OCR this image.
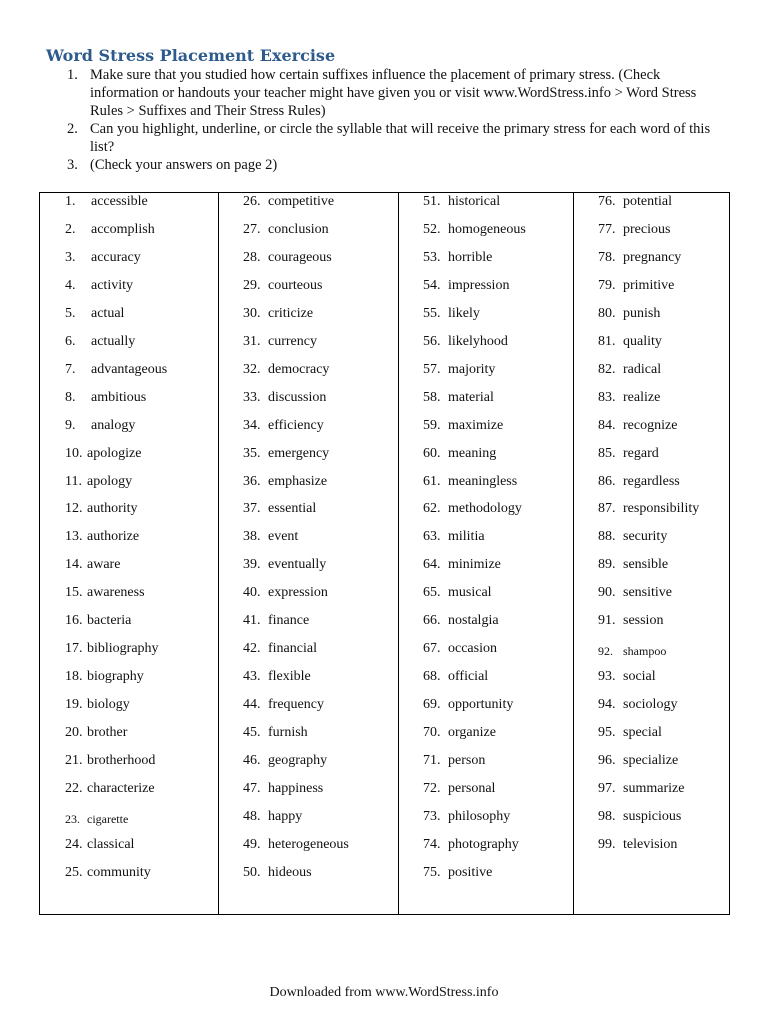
Word Stress Placement Exercise
1. Make sure that you studied how certain suffixes influence the placement of primary stress. (Check information or handouts your teacher might have given you or visit www.WordStress.info > Word Stress Rules > Suffixes and Their Stress Rules)
2. Can you highlight, underline, or circle the syllable that will receive the primary stress for each word of this list?
3. (Check your answers on page 2)
1. accessible
2. accomplish
3. accuracy
4. activity
5. actual
6. actually
7. advantageous
8. ambitious
9. analogy
10. apologize
11. apology
12. authority
13. authorize
14. aware
15. awareness
16. bacteria
17. bibliography
18. biography
19. biology
20. brother
21. brotherhood
22. characterize
23. cigarette
24. classical
25. community
26. competitive
27. conclusion
28. courageous
29. courteous
30. criticize
31. currency
32. democracy
33. discussion
34. efficiency
35. emergency
36. emphasize
37. essential
38. event
39. eventually
40. expression
41. finance
42. financial
43. flexible
44. frequency
45. furnish
46. geography
47. happiness
48. happy
49. heterogeneous
50. hideous
51. historical
52. homogeneous
53. horrible
54. impression
55. likely
56. likelyhood
57. majority
58. material
59. maximize
60. meaning
61. meaningless
62. methodology
63. militia
64. minimize
65. musical
66. nostalgia
67. occasion
68. official
69. opportunity
70. organize
71. person
72. personal
73. philosophy
74. photography
75. positive
76. potential
77. precious
78. pregnancy
79. primitive
80. punish
81. quality
82. radical
83. realize
84. recognize
85. regard
86. regardless
87. responsibility
88. security
89. sensible
90. sensitive
91. session
92. shampoo
93. social
94. sociology
95. special
96. specialize
97. summarize
98. suspicious
99. television
Downloaded from www.WordStress.info
